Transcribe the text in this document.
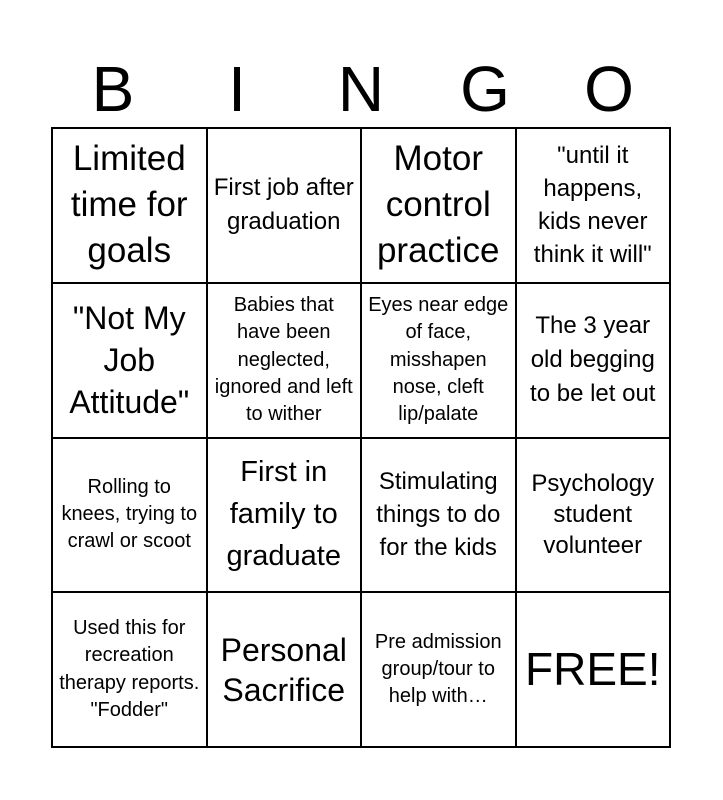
B	I	N	G	O
Limited time for goals
First job after graduation
Motor control practice
"until it happens, kids never think it will"
"Not My Job Attitude"
Babies that have been neglected, ignored and left to wither
Eyes near edge of face, misshapen nose, cleft lip/palate
The 3 year old begging to be let out
Rolling to knees, trying to crawl or scoot
First in family to graduate
Stimulating things to do for the kids
Psychology student volunteer
Used this for recreation therapy reports. "Fodder"
Personal Sacrifice
Pre admission group/tour to help with…
FREE!
